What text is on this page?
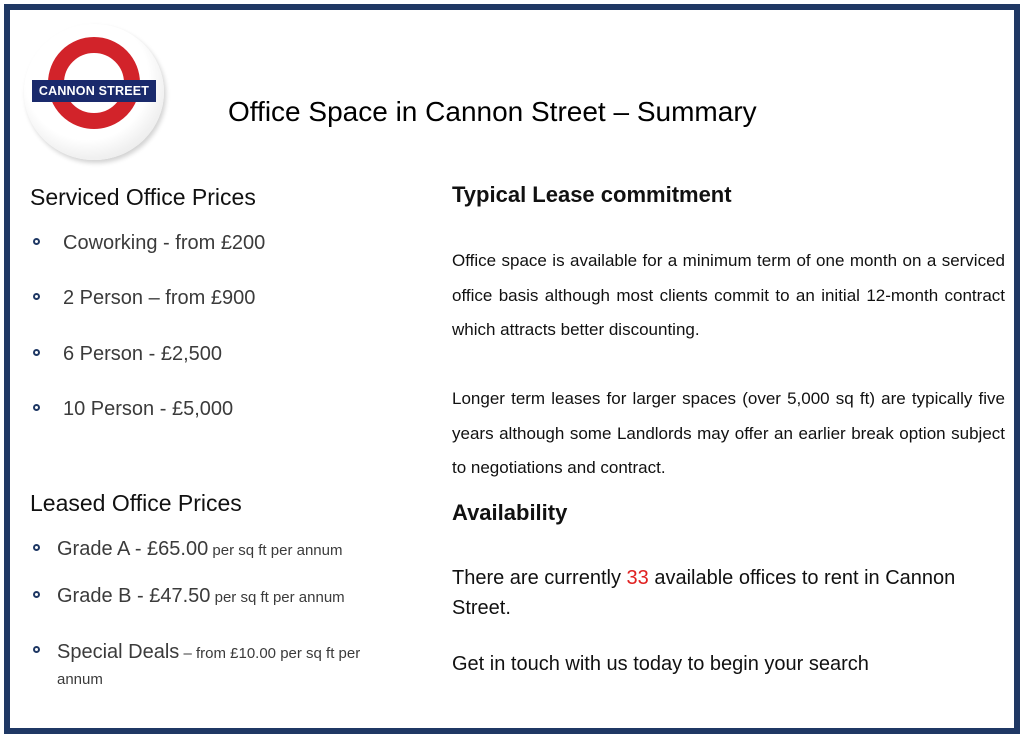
CANNON STREET
Office Space in Cannon Street – Summary
Serviced Office Prices
Coworking - from £200
2 Person – from £900
6 Person - £2,500
10 Person - £5,000
Leased Office Prices
Grade A - £65.00 per sq ft per annum
Grade B - £47.50 per sq ft per annum
Special Deals – from £10.00 per sq ft per annum
Typical Lease commitment
Office space is available for a minimum term of one month on a serviced office basis although most clients commit to an initial 12-month contract which attracts better discounting.
Longer term leases for larger spaces (over 5,000 sq ft) are typically five years although some Landlords may offer an earlier break option subject to negotiations and contract.
Availability
There are currently 33 available offices to rent in Cannon Street.
Get in touch with us today to begin your search
